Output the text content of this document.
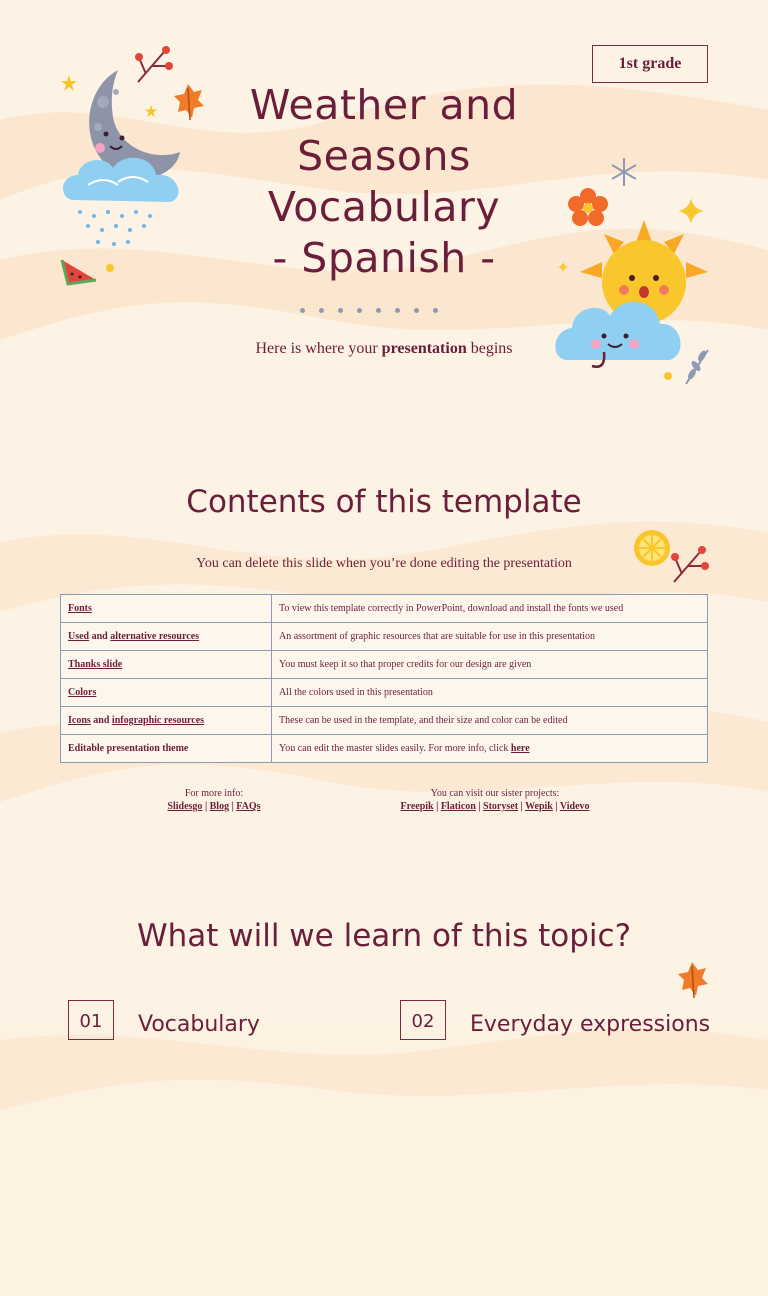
1st grade
Weather and
Seasons
Vocabulary
- Spanish -
Here is where your presentation begins
Contents of this template
You can delete this slide when you’re done editing the presentation
Fonts	To view this template correctly in PowerPoint, download and install the fonts we used
Used and alternative resources	An assortment of graphic resources that are suitable for use in this presentation
Thanks slide	You must keep it so that proper credits for our design are given
Colors	All the colors used in this presentation
Icons and infographic resources	These can be used in the template, and their size and color can be edited
Editable presentation theme	You can edit the master slides easily. For more info, click here
For more info:
Slidesgo | Blog | FAQs
You can visit our sister projects:
Freepik | Flaticon | Storyset | Wepik | Videvo
What will we learn of this topic?
01	Vocabulary	02	Everyday expressions
